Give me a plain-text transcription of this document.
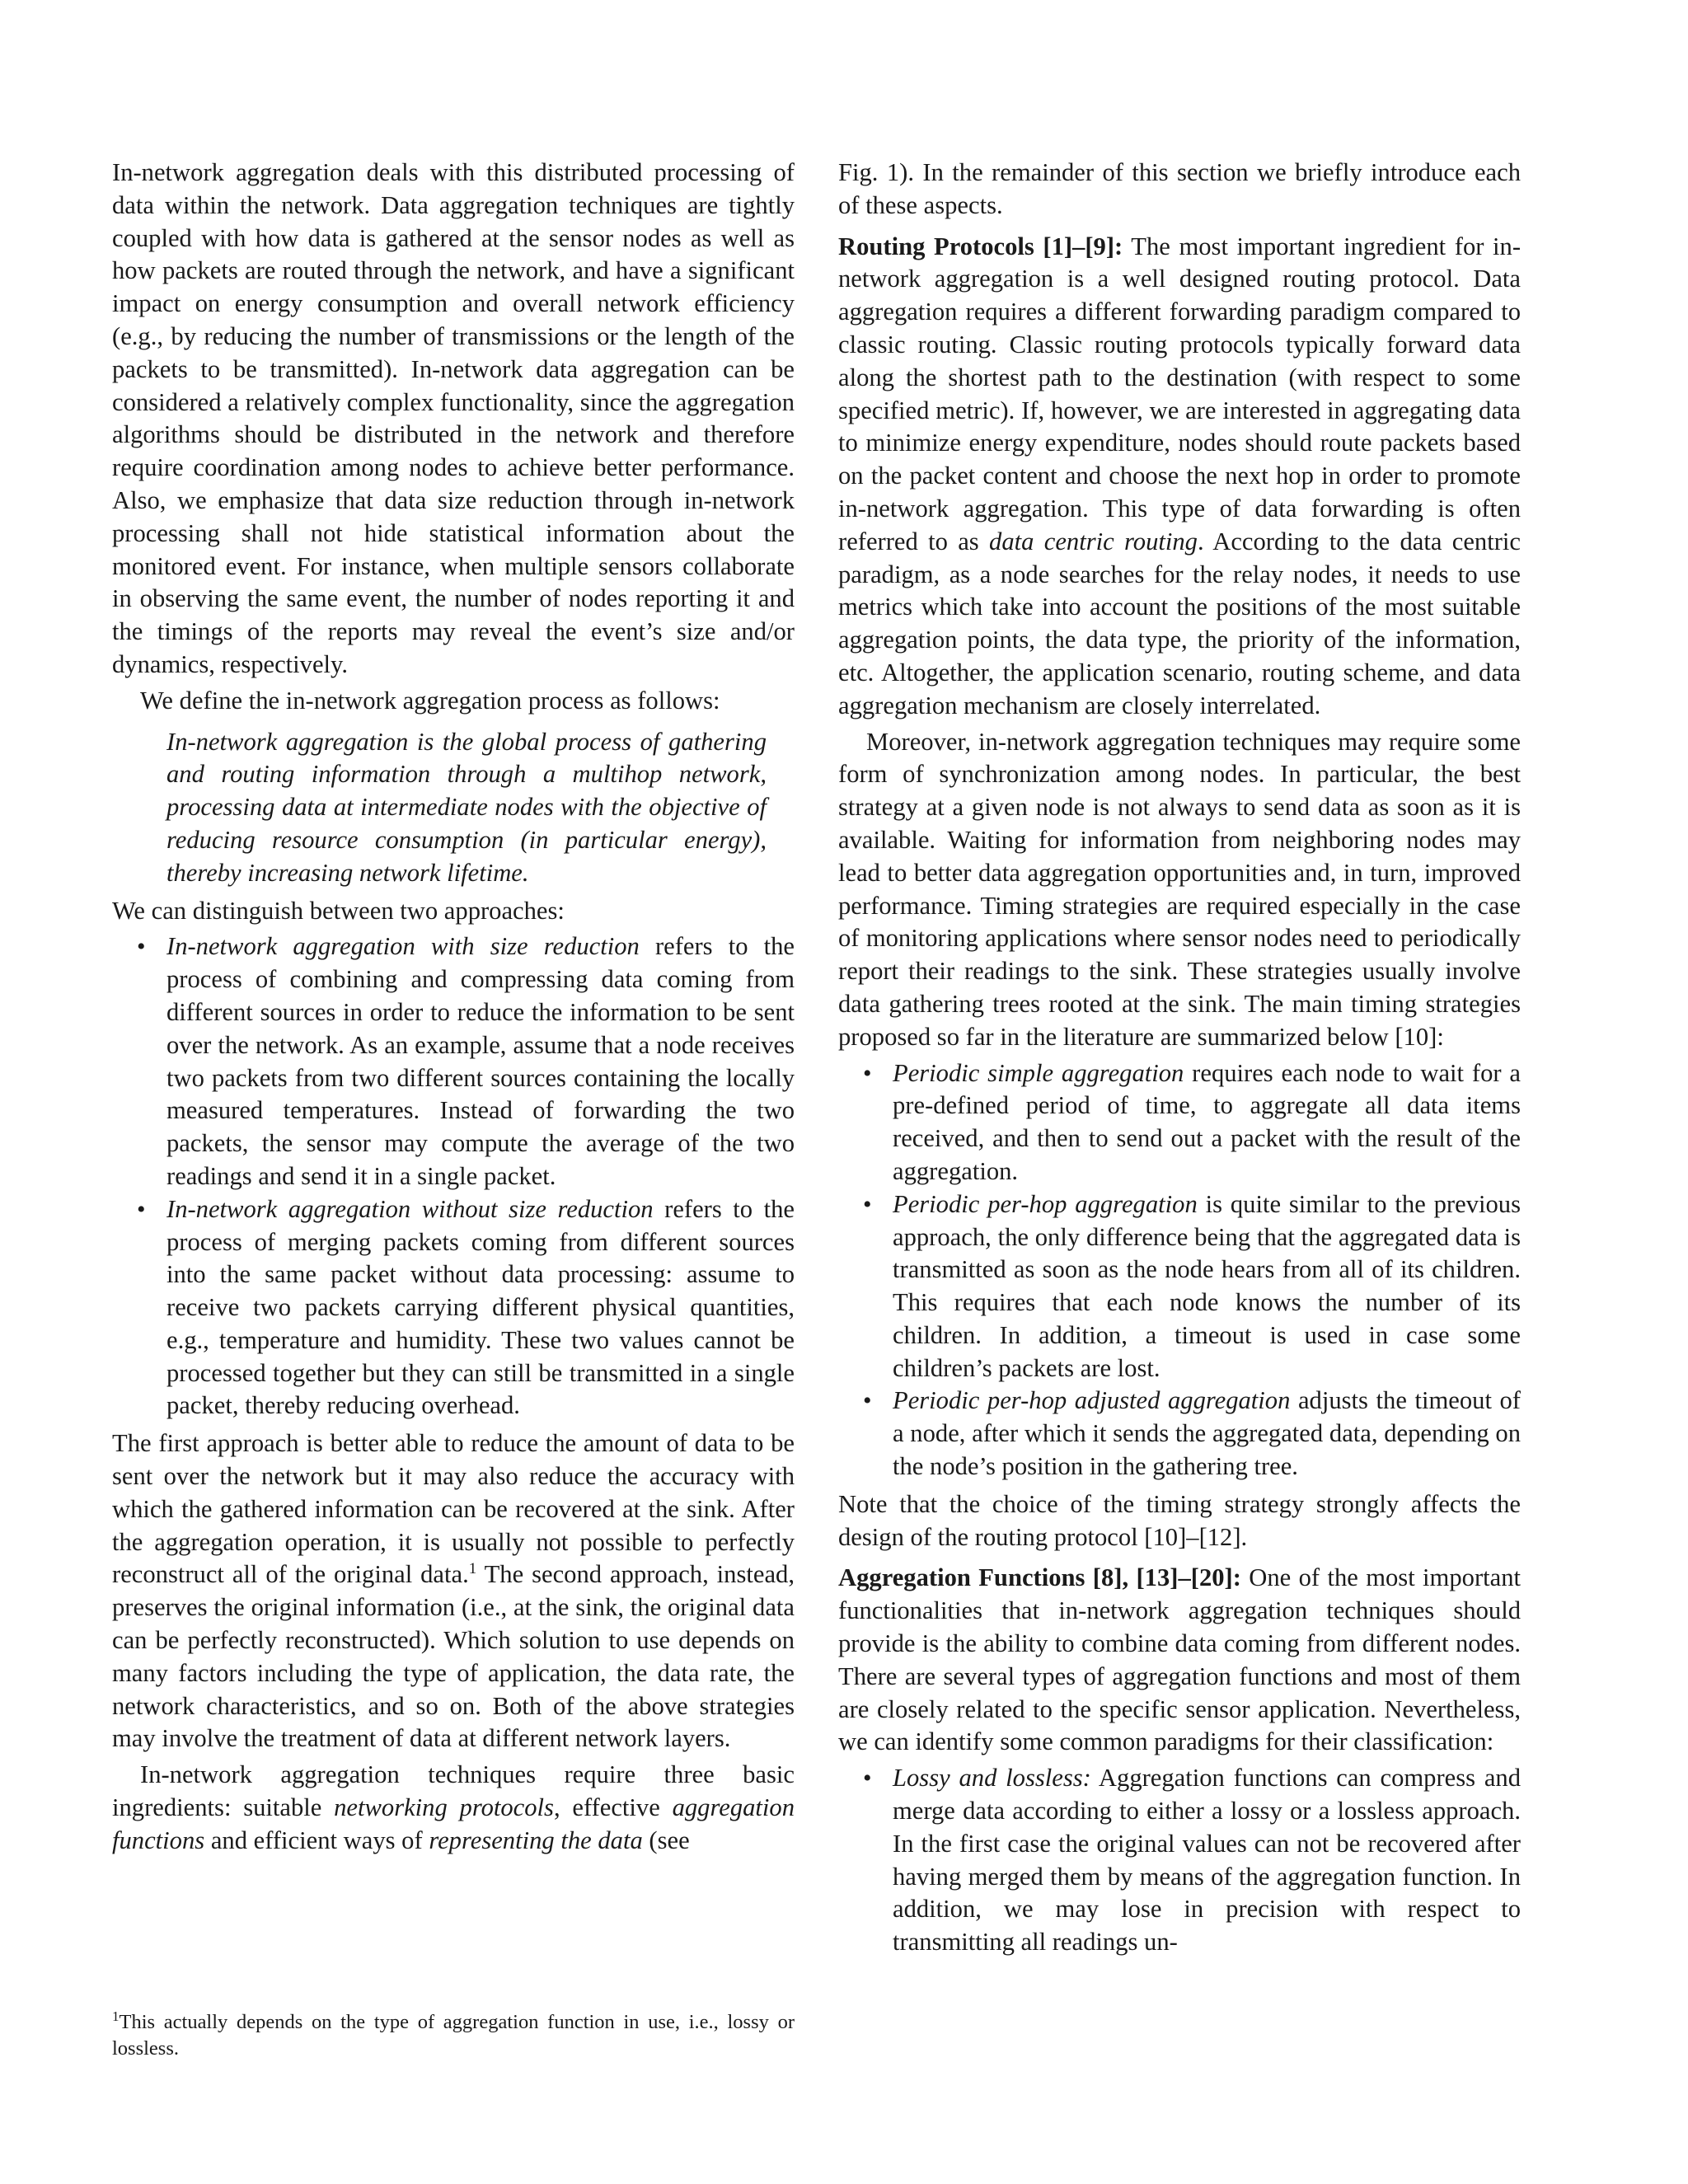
In-network aggregation deals with this distributed processing of data within the network. Data aggregation techniques are tightly coupled with how data is gathered at the sensor nodes as well as how packets are routed through the network, and have a significant impact on energy consumption and overall network efficiency (e.g., by reducing the number of transmissions or the length of the packets to be transmitted). In-network data aggregation can be considered a relatively complex functionality, since the aggregation algorithms should be distributed in the network and therefore require coordination among nodes to achieve better performance. Also, we emphasize that data size reduction through in-network processing shall not hide statistical information about the monitored event. For instance, when multiple sensors collaborate in observing the same event, the number of nodes reporting it and the timings of the reports may reveal the event’s size and/or dynamics, respectively.

We define the in-network aggregation process as follows:

In-network aggregation is the global process of gathering and routing information through a multihop network, processing data at intermediate nodes with the objective of reducing resource consumption (in particular energy), thereby increasing network lifetime.

We can distinguish between two approaches:

• In-network aggregation with size reduction refers to the process of combining and compressing data coming from different sources in order to reduce the information to be sent over the network. As an example, assume that a node receives two packets from two different sources containing the locally measured temperatures. Instead of forwarding the two packets, the sensor may compute the average of the two readings and send it in a single packet.
• In-network aggregation without size reduction refers to the process of merging packets coming from different sources into the same packet without data processing: assume to receive two packets carrying different physical quantities, e.g., temperature and humidity. These two values cannot be processed together but they can still be transmitted in a single packet, thereby reducing overhead.

The first approach is better able to reduce the amount of data to be sent over the network but it may also reduce the accuracy with which the gathered information can be recovered at the sink. After the aggregation operation, it is usually not possible to perfectly reconstruct all of the original data.$^1$ The second approach, instead, preserves the original information (i.e., at the sink, the original data can be perfectly reconstructed). Which solution to use depends on many factors including the type of application, the data rate, the network characteristics, and so on. Both of the above strategies may involve the treatment of data at different network layers.

In-network aggregation techniques require three basic ingredients: suitable networking protocols, effective aggregation functions and efficient ways of representing the data (see

$^1$This actually depends on the type of aggregation function in use, i.e., lossy or lossless.

Fig. 1). In the remainder of this section we briefly introduce each of these aspects.

Routing Protocols [1]–[9]: The most important ingredient for in-network aggregation is a well designed routing protocol. Data aggregation requires a different forwarding paradigm compared to classic routing. Classic routing protocols typically forward data along the shortest path to the destination (with respect to some specified metric). If, however, we are interested in aggregating data to minimize energy expenditure, nodes should route packets based on the packet content and choose the next hop in order to promote in-network aggregation. This type of data forwarding is often referred to as data centric routing. According to the data centric paradigm, as a node searches for the relay nodes, it needs to use metrics which take into account the positions of the most suitable aggregation points, the data type, the priority of the information, etc. Altogether, the application scenario, routing scheme, and data aggregation mechanism are closely interrelated.

Moreover, in-network aggregation techniques may require some form of synchronization among nodes. In particular, the best strategy at a given node is not always to send data as soon as it is available. Waiting for information from neighboring nodes may lead to better data aggregation opportunities and, in turn, improved performance. Timing strategies are required especially in the case of monitoring applications where sensor nodes need to periodically report their readings to the sink. These strategies usually involve data gathering trees rooted at the sink. The main timing strategies proposed so far in the literature are summarized below [10]:

• Periodic simple aggregation requires each node to wait for a pre-defined period of time, to aggregate all data items received, and then to send out a packet with the result of the aggregation.
• Periodic per-hop aggregation is quite similar to the previous approach, the only difference being that the aggregated data is transmitted as soon as the node hears from all of its children. This requires that each node knows the number of its children. In addition, a timeout is used in case some children’s packets are lost.
• Periodic per-hop adjusted aggregation adjusts the timeout of a node, after which it sends the aggregated data, depending on the node’s position in the gathering tree.

Note that the choice of the timing strategy strongly affects the design of the routing protocol [10]–[12].

Aggregation Functions [8], [13]–[20]: One of the most important functionalities that in-network aggregation techniques should provide is the ability to combine data coming from different nodes. There are several types of aggregation functions and most of them are closely related to the specific sensor application. Nevertheless, we can identify some common paradigms for their classification:

• Lossy and lossless: Aggregation functions can compress and merge data according to either a lossy or a lossless approach. In the first case the original values can not be recovered after having merged them by means of the aggregation function. In addition, we may lose in precision with respect to transmitting all readings un-
